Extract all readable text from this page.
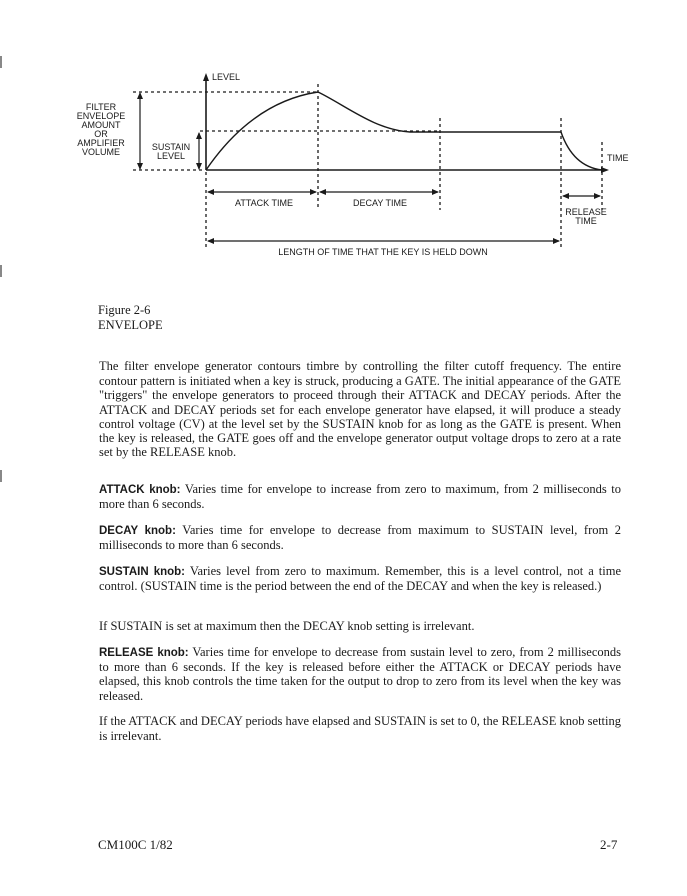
LEVEL
FILTER
ENVELOPE
AMOUNT
OR
AMPLIFIER
VOLUME	SUSTAIN
LEVEL	TIME
ATTACK TIME	DECAY TIME
RELEASE
TIME
LENGTH OF TIME THAT THE KEY IS HELD DOWN
Figure 2-6
ENVELOPE

The filter envelope generator contours timbre by controlling the filter cutoff frequency. The entire contour pattern is initiated when a key is struck, producing a GATE. The initial appearance of the GATE "triggers" the envelope generators to proceed through their ATTACK and DECAY periods. After the ATTACK and DECAY periods set for each envelope generator have elapsed, it will produce a steady control voltage (CV) at the level set by the SUSTAIN knob for as long as the GATE is present. When the key is released, the GATE goes off and the envelope generator output voltage drops to zero at a rate set by the RELEASE knob.

ATTACK knob: Varies time for envelope to increase from zero to maximum, from 2 milliseconds to more than 6 seconds.

DECAY knob: Varies time for envelope to decrease from maximum to SUSTAIN level, from 2 milliseconds to more than 6 seconds.

SUSTAIN knob: Varies level from zero to maximum. Remember, this is a level control, not a time control. (SUSTAIN time is the period between the end of the DECAY and when the key is released.)

If SUSTAIN is set at maximum then the DECAY knob setting is irrelevant.

RELEASE knob: Varies time for envelope to decrease from sustain level to zero, from 2 milliseconds to more than 6 seconds. If the key is released before either the ATTACK or DECAY periods have elapsed, this knob controls the time taken for the output to drop to zero from its level when the key was released.

If the ATTACK and DECAY periods have elapsed and SUSTAIN is set to 0, the RELEASE knob setting is irrelevant.

CM100C 1/82	2-7
